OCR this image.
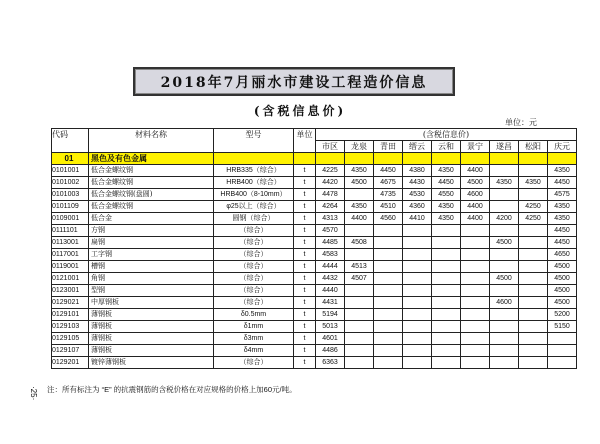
2018年7月丽水市建设工程造价信息
(含税信息价)
单位：元
代码	材料名称	型号	单位	(含税信息价)								
				市区	龙泉	青田	缙云	云和	景宁	遂昌	松阳	庆元
01	黑色及有色金属											
0101001	低合金螺纹钢	HRB335（综合）	t	4225	4350	4450	4380	4350	4400			4350
0101002	低合金螺纹钢	HRB400（综合）	t	4420	4500	4675	4430	4450	4500	4350	4350	4450
0101003	低合金螺纹钢(盘圆)	HRB400（8-10mm）	t	4478		4735	4530	4550	4600			4575
0101109	低合金螺纹钢	φ25以上（综合）	t	4264	4350	4510	4360	4350	4400		4250	4350
0109001	低合金	圆钢（综合）	t	4313	4400	4560	4410	4350	4400	4200	4250	4350
0111101	方钢	（综合）	t	4570								4450
0113001	扁钢	（综合）	t	4485	4508					4500		4450
0117001	工字钢	（综合）	t	4583								4650
0119001	槽钢	（综合）	t	4444	4513							4500
0121001	角钢	（综合）	t	4432	4507					4500		4500
0123001	型钢	（综合）	t	4440								4500
0129021	中厚钢板	（综合）	t	4431						4600		4500
0129101	薄钢板	δ0.5mm	t	5194								5200
0129103	薄钢板	δ1mm	t	5013								5150
0129105	薄钢板	δ3mm	t	4601								
0129107	薄钢板	δ4mm	t	4486								
0129201	镀锌薄钢板	（综合）	t	6363								
注：所有标注为 “E” 的抗震钢筋的含税价格在对应规格的价格上加60元/吨。
·25·
